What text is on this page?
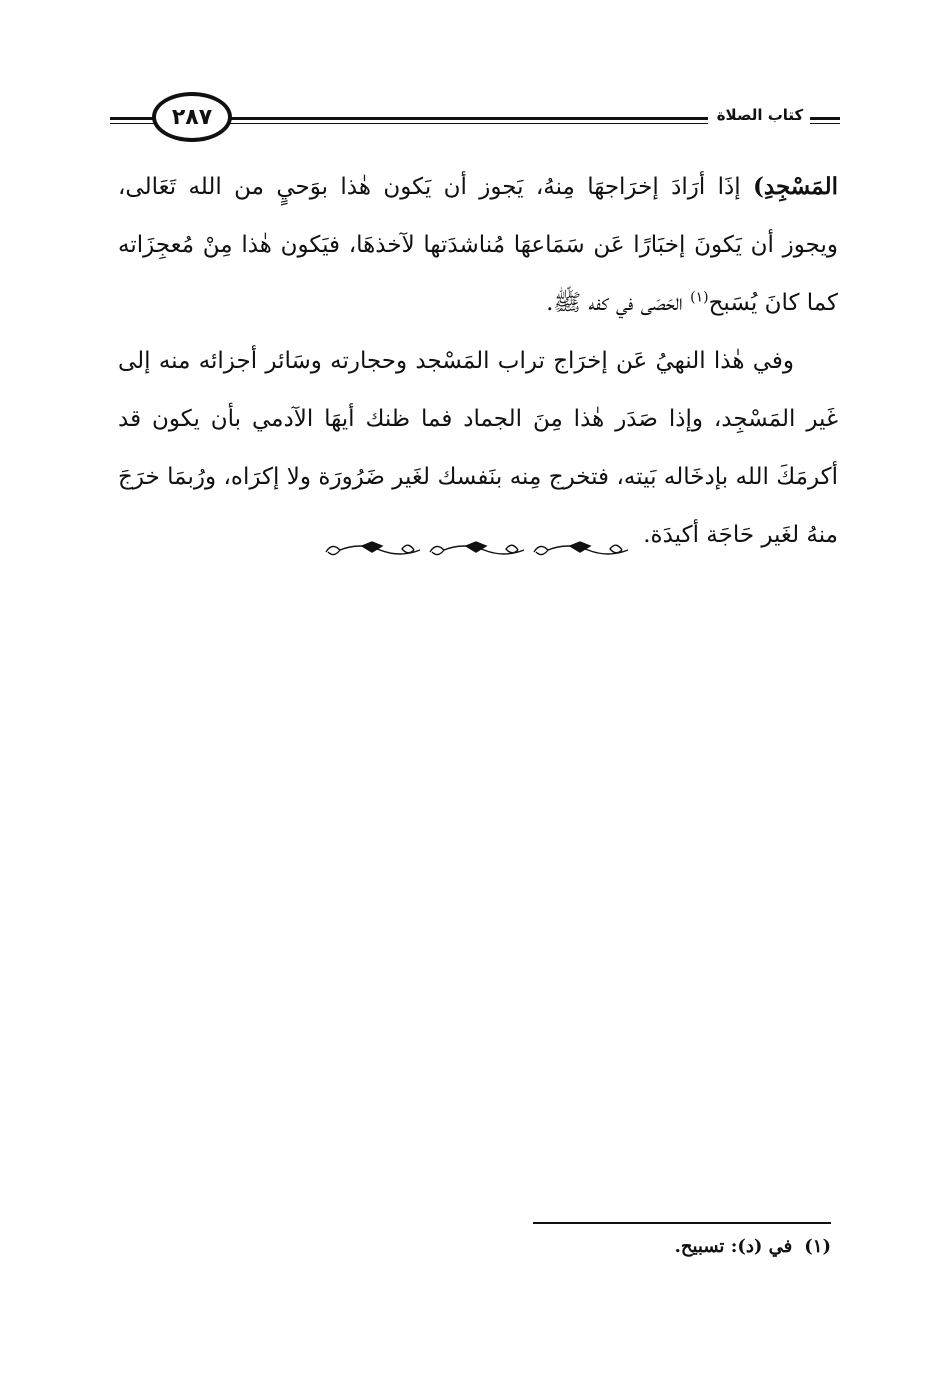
٢٨٧	كتاب الصلاة

المَسْجِدِ) إذَا أرَادَ إخرَاجهَا مِنهُ، يَجوز أن يَكون هٰذا بوَحيٍ من الله تَعَالى، ويجوز أن يَكونَ إخبَارًا عَن سَمَاعهَا مُناشدَتها لآخذهَا، فيَكون هٰذا مِنْ مُعجِزَاته كما كانَ يُسَبح$^{(١)}$ الحَصَى في كفه ﷺ.

وفي هٰذا النهيُ عَن إخرَاج تراب المَسْجد وحجارته وسَائر أجزائه منه إلى غَير المَسْجِد، وإذا صَدَر هٰذا مِنَ الجماد فما ظنك أيهَا الآدمي بأن يكون قد أكرمَكَ الله بإدخَاله بَيته، فتخرج مِنه بنَفسك لغَير ضَرُورَة ولا إكرَاه، ورُبمَا خرَجَ منهُ لغَير حَاجَة أكيدَة.

(١)في (د): تسبيح.
